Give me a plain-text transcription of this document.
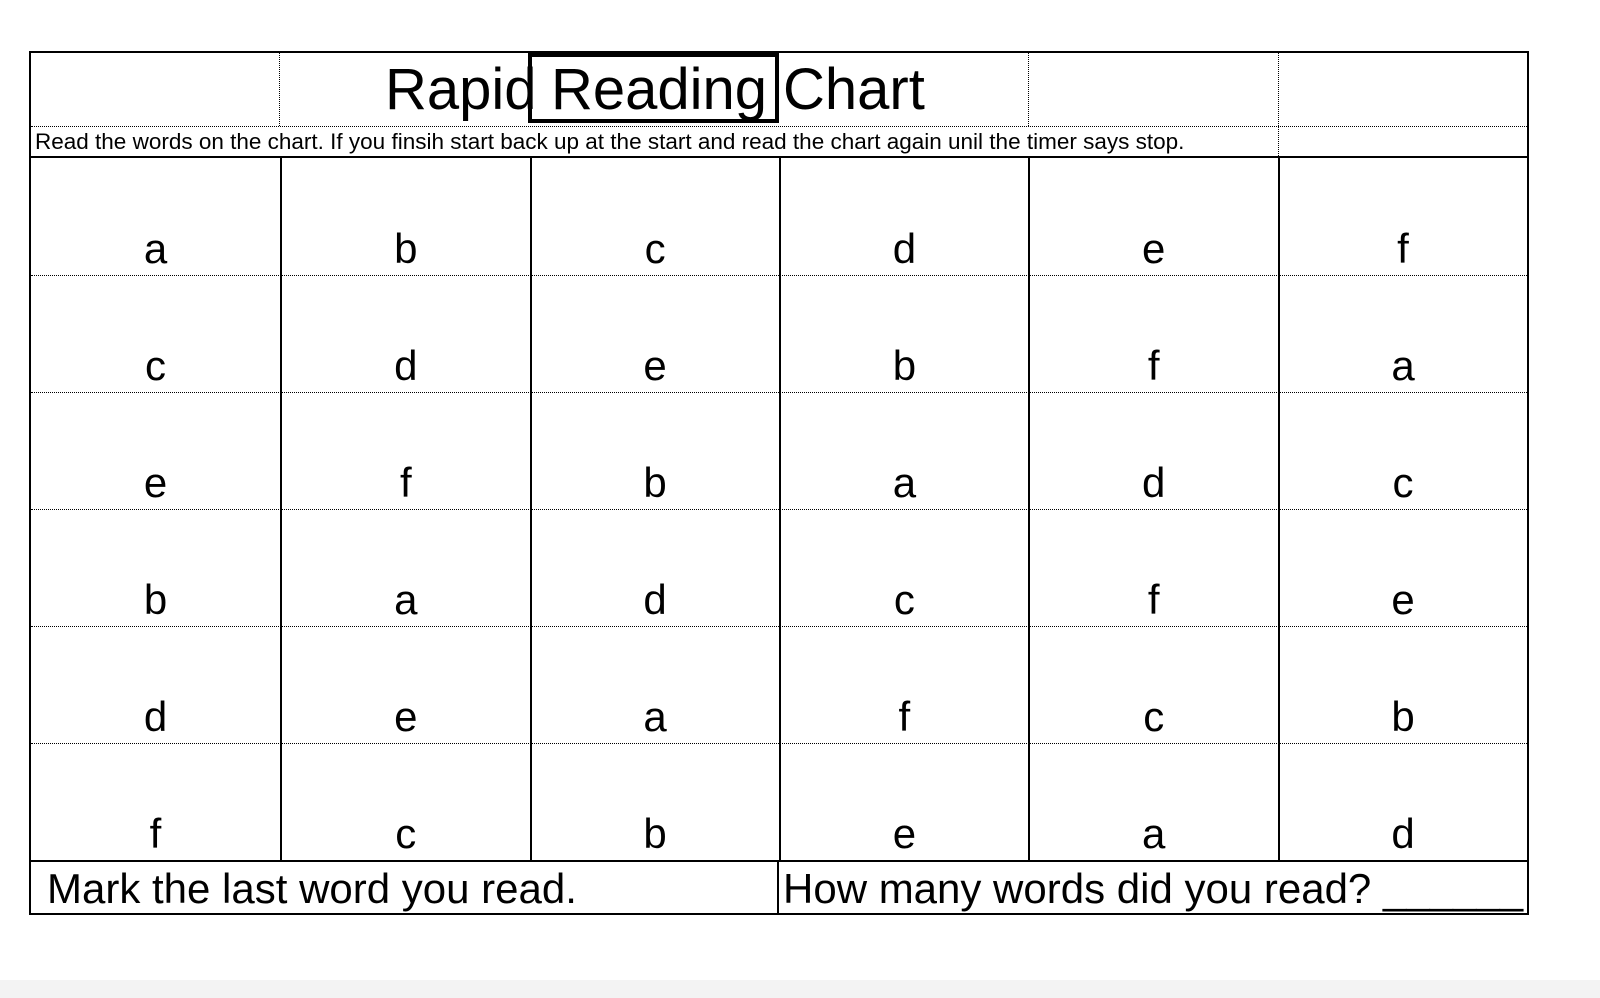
Rapid Reading Chart
Read the words on the chart. If you finsih start back up at the start and read the chart again unil the timer says stop.
a	b	c	d	e	f
c	d	e	b	f	a
e	f	b	a	d	c
b	a	d	c	f	e
d	e	a	f	c	b
f	c	b	e	a	d
Mark the last word you read.	How many words did you read? ______
